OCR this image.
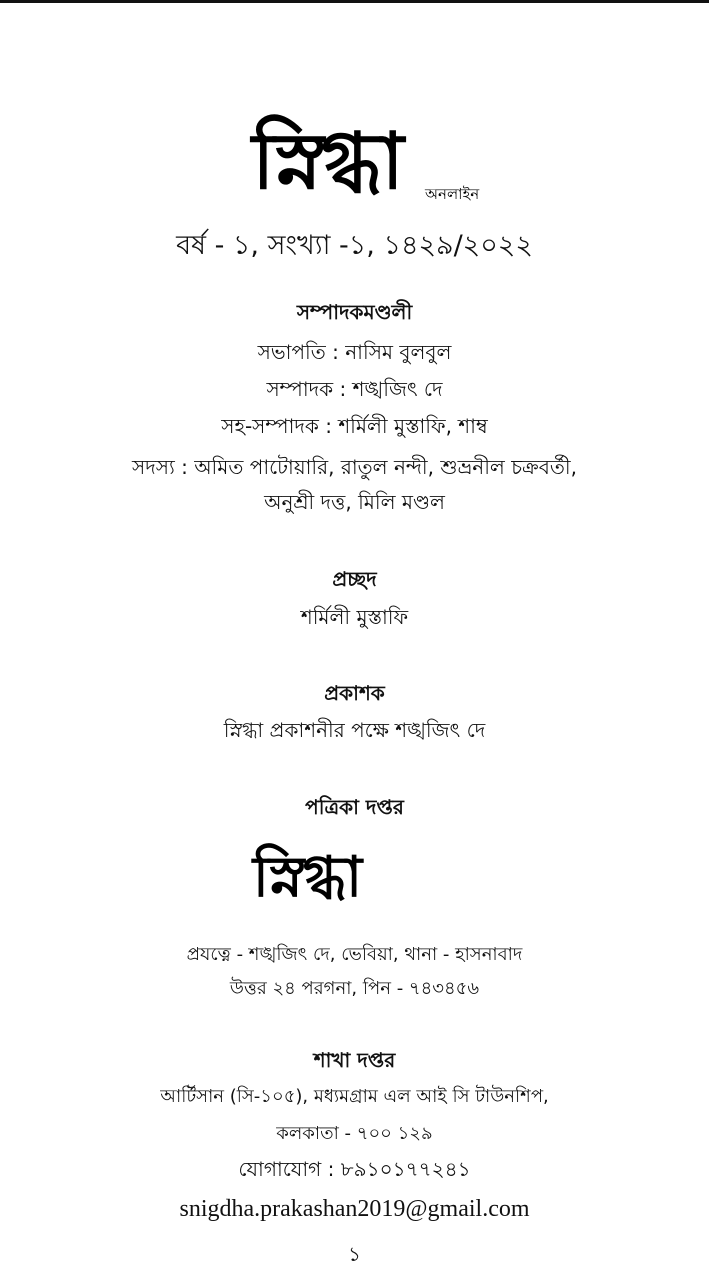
স্নিগ্ধা	অনলাইন
বর্ষ - ১, সংখ্যা -১, ১৪২৯/২০২২
সম্পাদকমণ্ডলী
সভাপতি : নাসিম বুলবুল
সম্পাদক : শঙ্খজিৎ দে
সহ-সম্পাদক : শর্মিলী মুস্তাফি, শাম্ব
সদস্য : অমিত পাটোয়ারি, রাতুল নন্দী, শুভ্রনীল চক্রবর্তী,
অনুশ্রী দত্ত, মিলি মণ্ডল
প্রচ্ছদ
শর্মিলী মুস্তাফি
প্রকাশক
স্নিগ্ধা প্রকাশনীর পক্ষে শঙ্খজিৎ দে
পত্রিকা দপ্তর
স্নিগ্ধা
প্রযত্নে - শঙ্খজিৎ দে, ভেবিয়া, থানা - হাসনাবাদ
উত্তর ২৪ পরগনা, পিন - ৭৪৩৪৫৬
শাখা দপ্তর
আর্টিসান (সি-১০৫), মধ্যমগ্রাম এল আই সি টাউনশিপ,
কলকাতা - ৭০০ ১২৯
যোগাযোগ : ৮৯১০১৭৭২৪১
snigdha.prakashan2019@gmail.com
১
